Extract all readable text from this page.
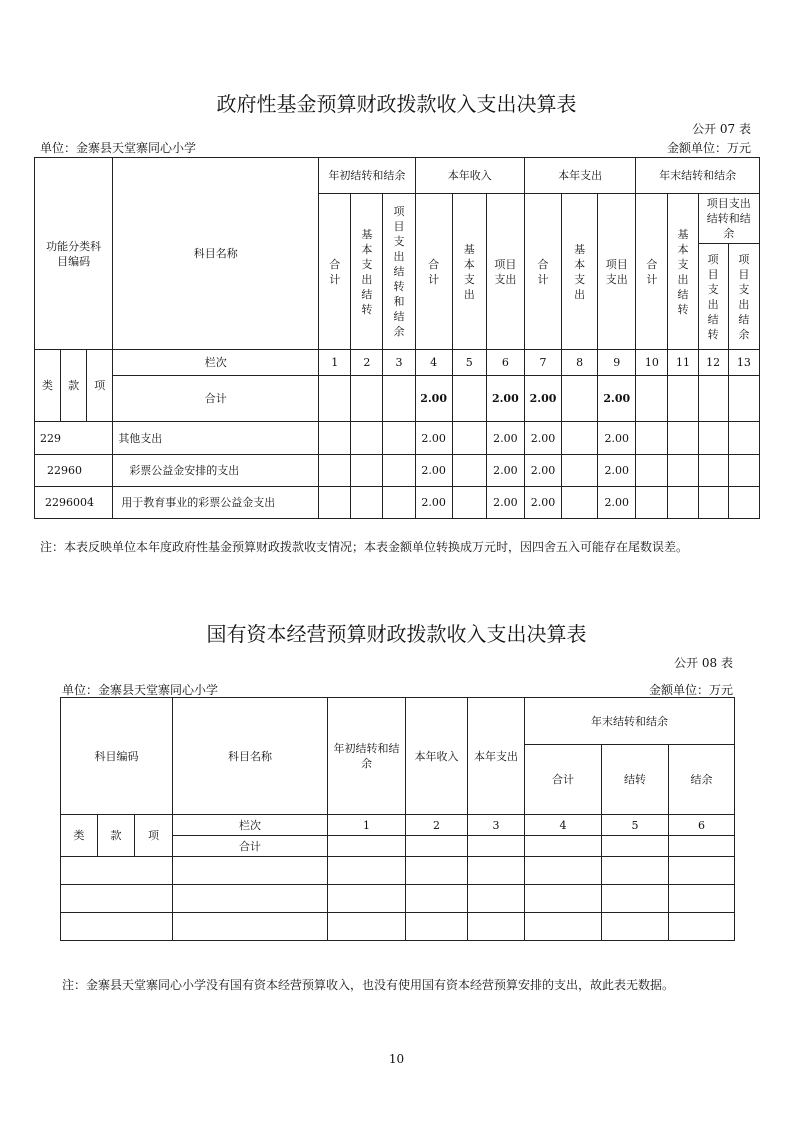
政府性基金预算财政拨款收入支出决算表
公开 07 表
单位：金寨县天堂寨同心小学	金额单位：万元
功能分类科目编码			科目名称	年初结转和结余			本年收入			本年支出			年末结转和结余			
				合计	基本支出结转	项目支出结转和结余	合计	基本支出	项目支出	合计	基本支出	项目支出	合计	基本支出结转	项目支出结转和结余	
															项目支出结转	项目支出结余
类	款	项	栏次	1	2	3	4	5	6	7	8	9	10	11	12	13
			合计				2.00		2.00	2.00		2.00				
229			其他支出				2.00		2.00	2.00		2.00				
22960			彩票公益金安排的支出				2.00		2.00	2.00		2.00				
2296004			用于教育事业的彩票公益金支出				2.00		2.00	2.00		2.00				
注：本表反映单位本年度政府性基金预算财政拨款收支情况；本表金额单位转换成万元时，因四舍五入可能存在尾数误差。
国有资本经营预算财政拨款收入支出决算表
公开 08 表
单位：金寨县天堂寨同心小学	金额单位：万元
科目编码			科目名称	年初结转和结余	本年收入	本年支出	年末结转和结余		
							合计	结转	结余
类	款	项	栏次	1	2	3	4	5	6
			合计						

注：金寨县天堂寨同心小学没有国有资本经营预算收入，也没有使用国有资本经营预算安排的支出，故此表无数据。
10
